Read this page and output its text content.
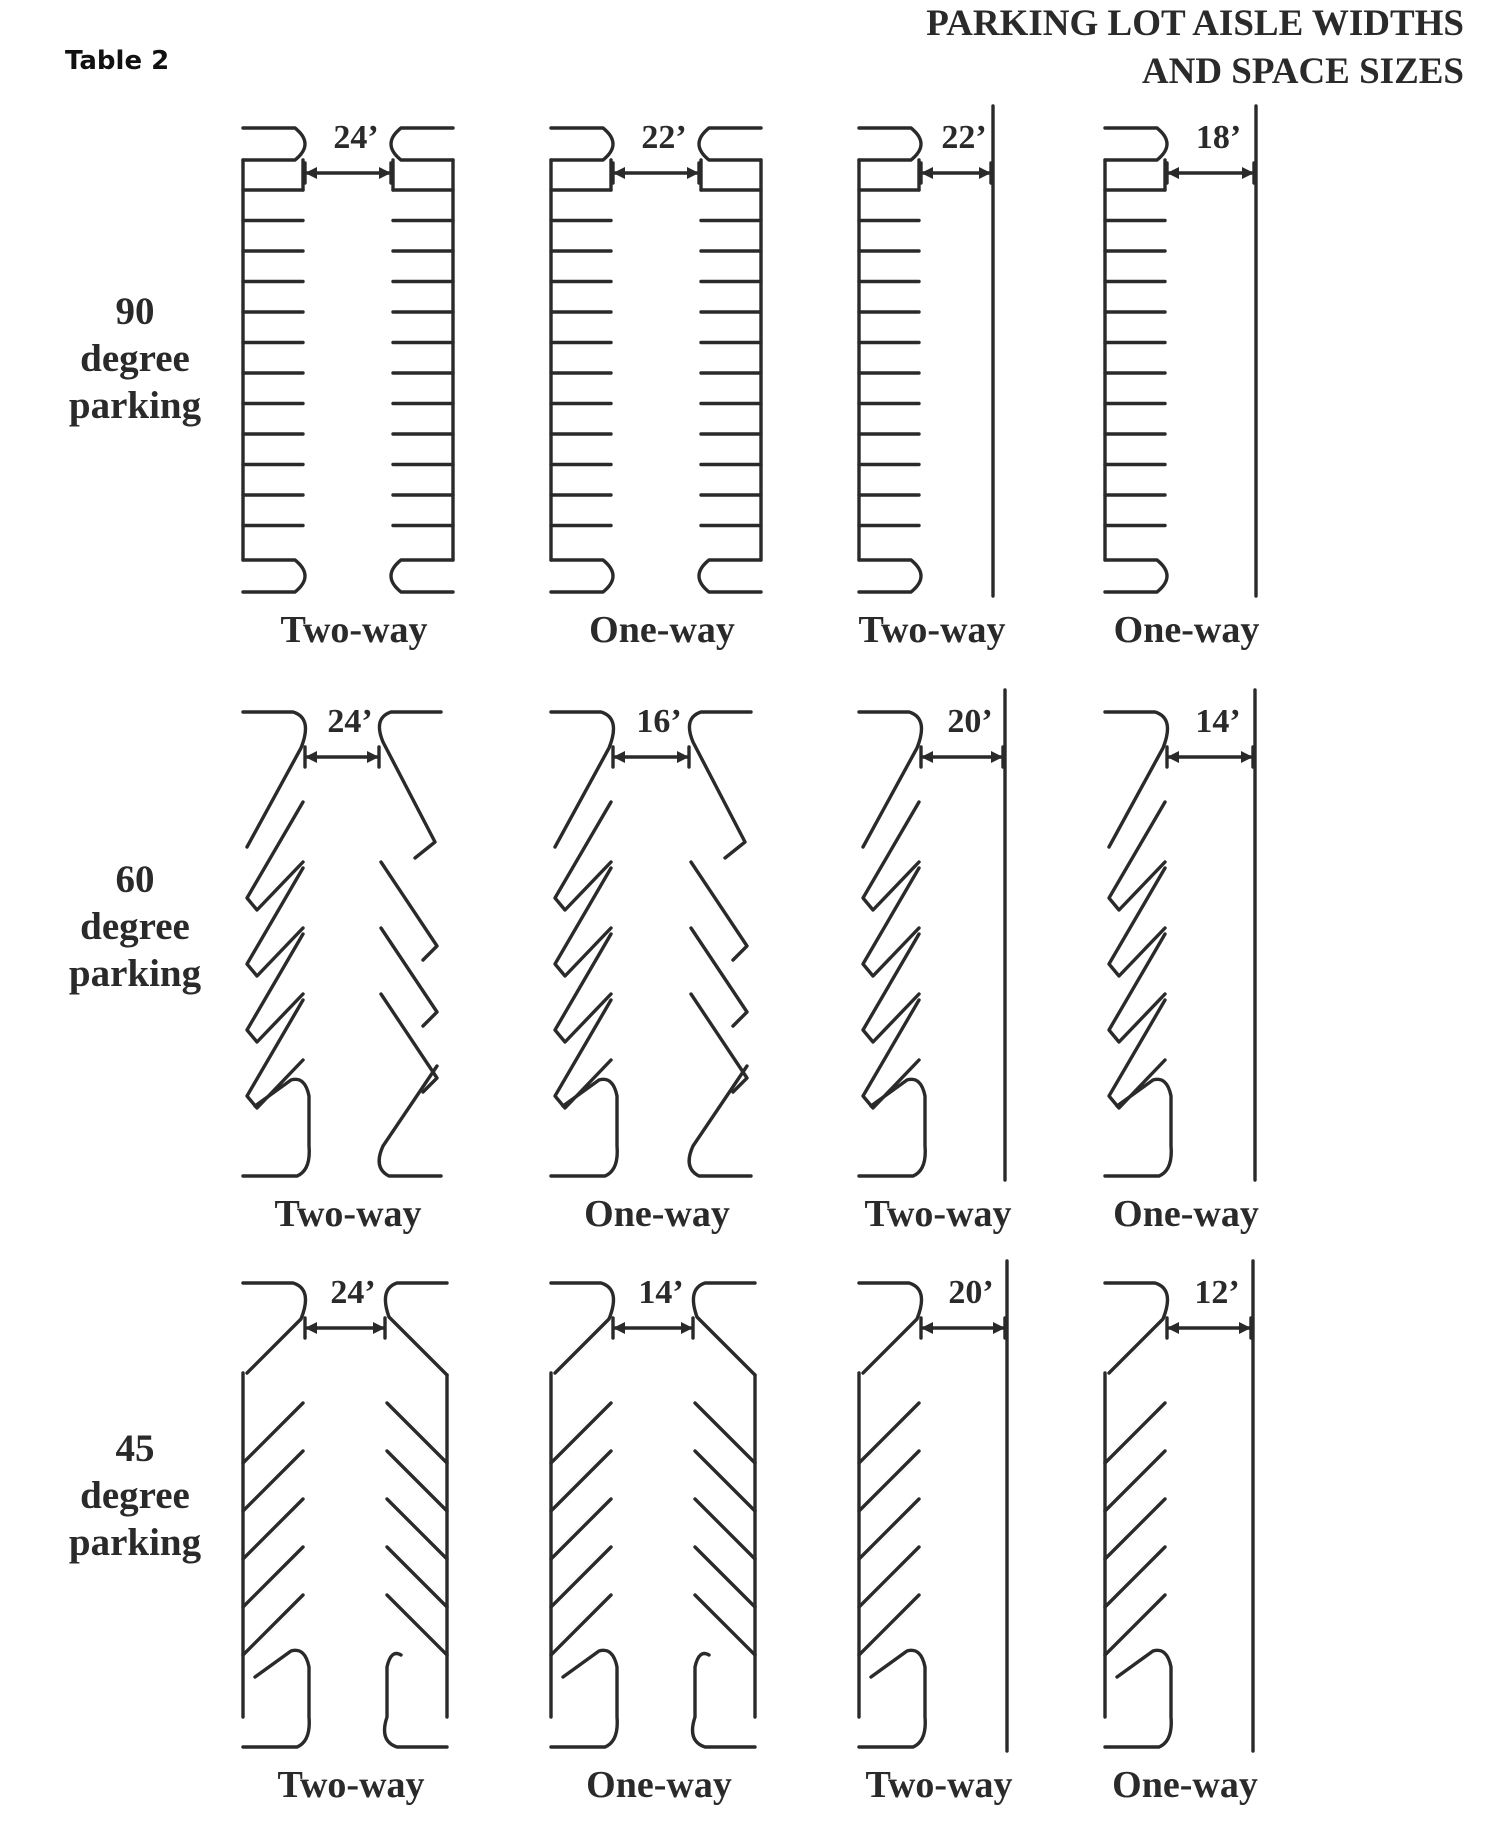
Table 2
PARKING LOT AISLE WIDTHS
AND SPACE SIZES
90
degree
parking
60
degree
parking
45
degree
parking
24’
Two-way
22’
One-way
22’
Two-way
18’
One-way
24’
Two-way
16’
One-way
20’
Two-way
14’
One-way
24’
Two-way
14’
One-way
20’
Two-way
12’
One-way
